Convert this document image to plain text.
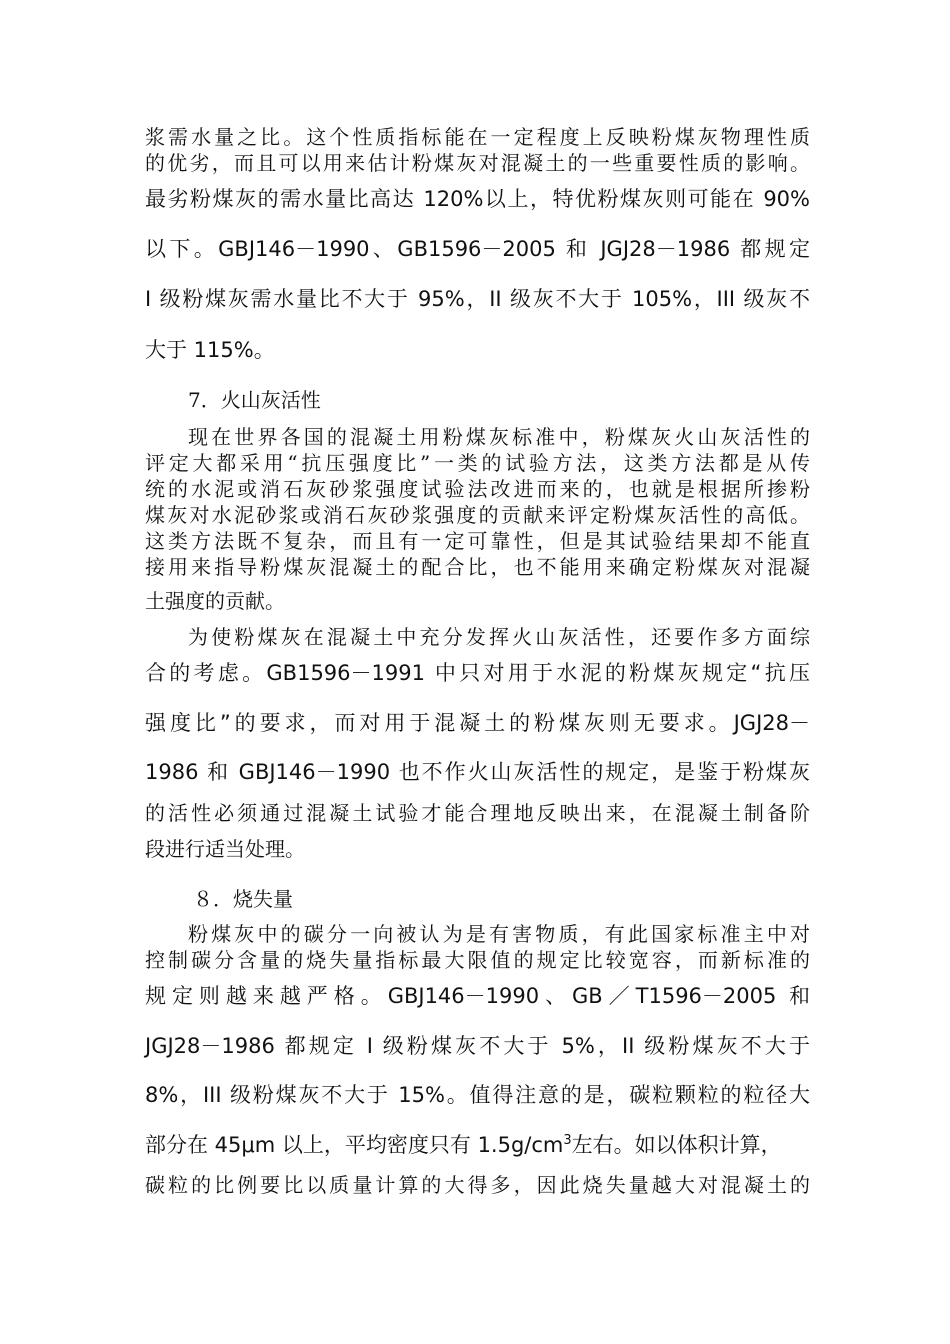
浆需水量之比。这个性质指标能在一定程度上反映粉煤灰物理性质

的优劣，而且可以用来估计粉煤灰对混凝土的一些重要性质的影响。

最劣粉煤灰的需水量比高达 120%以上，特优粉煤灰则可能在 90%

以下。GBJ146－1990、GB1596－2005 和 JGJ28－1986 都规定

I 级粉煤灰需水量比不大于 95%，II 级灰不大于 105%，III 级灰不

大于 115%。

7．火山灰活性

现在世界各国的混凝土用粉煤灰标准中，粉煤灰火山灰活性的

评定大都采用“抗压强度比”一类的试验方法，这类方法都是从传

统的水泥或消石灰砂浆强度试验法改进而来的，也就是根据所掺粉

煤灰对水泥砂浆或消石灰砂浆强度的贡献来评定粉煤灰活性的高低。

这类方法既不复杂，而且有一定可靠性，但是其试验结果却不能直

接用来指导粉煤灰混凝土的配合比，也不能用来确定粉煤灰对混凝

土强度的贡献。

为使粉煤灰在混凝土中充分发挥火山灰活性，还要作多方面综

合的考虑。GB1596－1991 中只对用于水泥的粉煤灰规定“抗压

强度比”的要求，而对用于混凝土的粉煤灰则无要求。JGJ28－

1986 和 GBJ146－1990 也不作火山灰活性的规定，是鉴于粉煤灰

的活性必须通过混凝土试验才能合理地反映出来，在混凝土制备阶

段进行适当处理。

８．烧失量

粉煤灰中的碳分一向被认为是有害物质，有此国家标准主中对

控制碳分含量的烧失量指标最大限值的规定比较宽容，而新标准的

规定则越来越严格。GBJ146－1990、GB／T1596－2005 和

JGJ28－1986 都规定 I 级粉煤灰不大于 5%，II 级粉煤灰不大于

8%，III 级粉煤灰不大于 15%。值得注意的是，碳粒颗粒的粒径大

部分在 45μm 以上，平均密度只有 $1.5g/cm^3$左右。如以体积计算，

碳粒的比例要比以质量计算的大得多，因此烧失量越大对混凝土的
